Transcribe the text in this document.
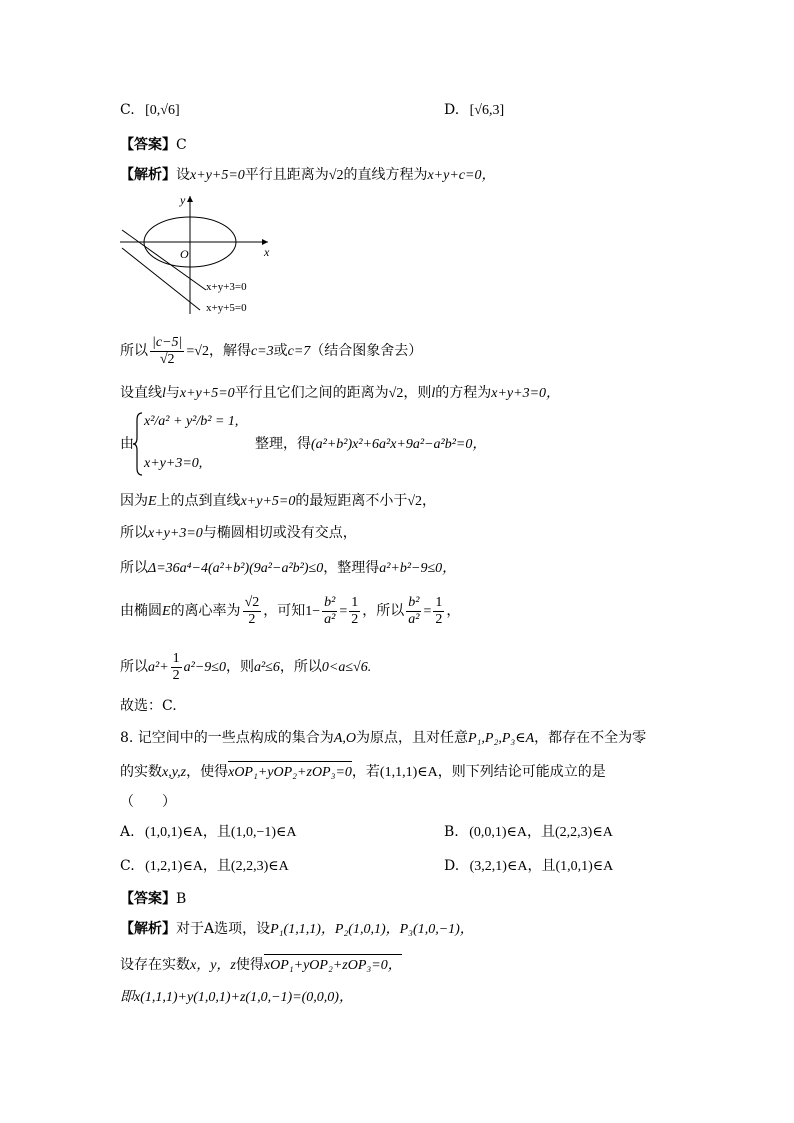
C. [0,√6]	D. [√6,3]
【答案】C
【解析】设x+y+5=0平行且距离为√2的直线方程为x+y+c=0，
y
x
O
x+y+3=0
x+y+5=0
所以 $\frac{|c-5|}{√2} =√2$，解得c=3或c=7（结合图象舍去）
设直线l与x+y+5=0平行且它们之间的距离为√2，则l的方程为x+y+3=0，
由
x²/a² + y²/b² = 1,
x+y+3=0,
整理，得(a²+b²)x²+6a²x+9a²−a²b²=0，
因为E上的点到直线x+y+5=0的最短距离不小于√2，
所以x+y+3=0与椭圆相切或没有交点，
所以Δ=36a⁴−4(a²+b²)(9a²−a²b²)≤0，整理得a²+b²−9≤0，
由椭圆E的离心率为 $\frac{√2}{2}$ ，可知$1- \frac{\text{b²}}{\text{a²}} = \frac{1}{2}$ ，所以 $\frac{\text{b²}}{\text{a²}} = \frac{1}{2}$ ，
所以$a^2+ \frac{1}{2} a^2-9\le 0$，则a²≤6，所以0<a≤√6.
故选：C.
8. 记空间中的一些点构成的集合为A,O为原点，且对任意P₁,P₂,P₃∈A，都存在不全为零
的实数x,y,z，使得xOP₁+yOP₂+zOP₃=0，若(1,1,1)∈A，则下列结论可能成立的是
（　　）
A. (1,0,1)∈A，且(1,0,−1)∈A	B. (0,0,1)∈A，且(2,2,3)∈A
C. (1,2,1)∈A，且(2,2,3)∈A	D. (3,2,1)∈A，且(1,0,1)∈A
【答案】B
【解析】对于A选项，设P₁(1,1,1)，P₂(1,0,1)，P₃(1,0,−1)，
设存在实数x，y，z使得xOP₁+yOP₂+zOP₃=0，
即x(1,1,1)+y(1,0,1)+z(1,0,−1)=(0,0,0)，
